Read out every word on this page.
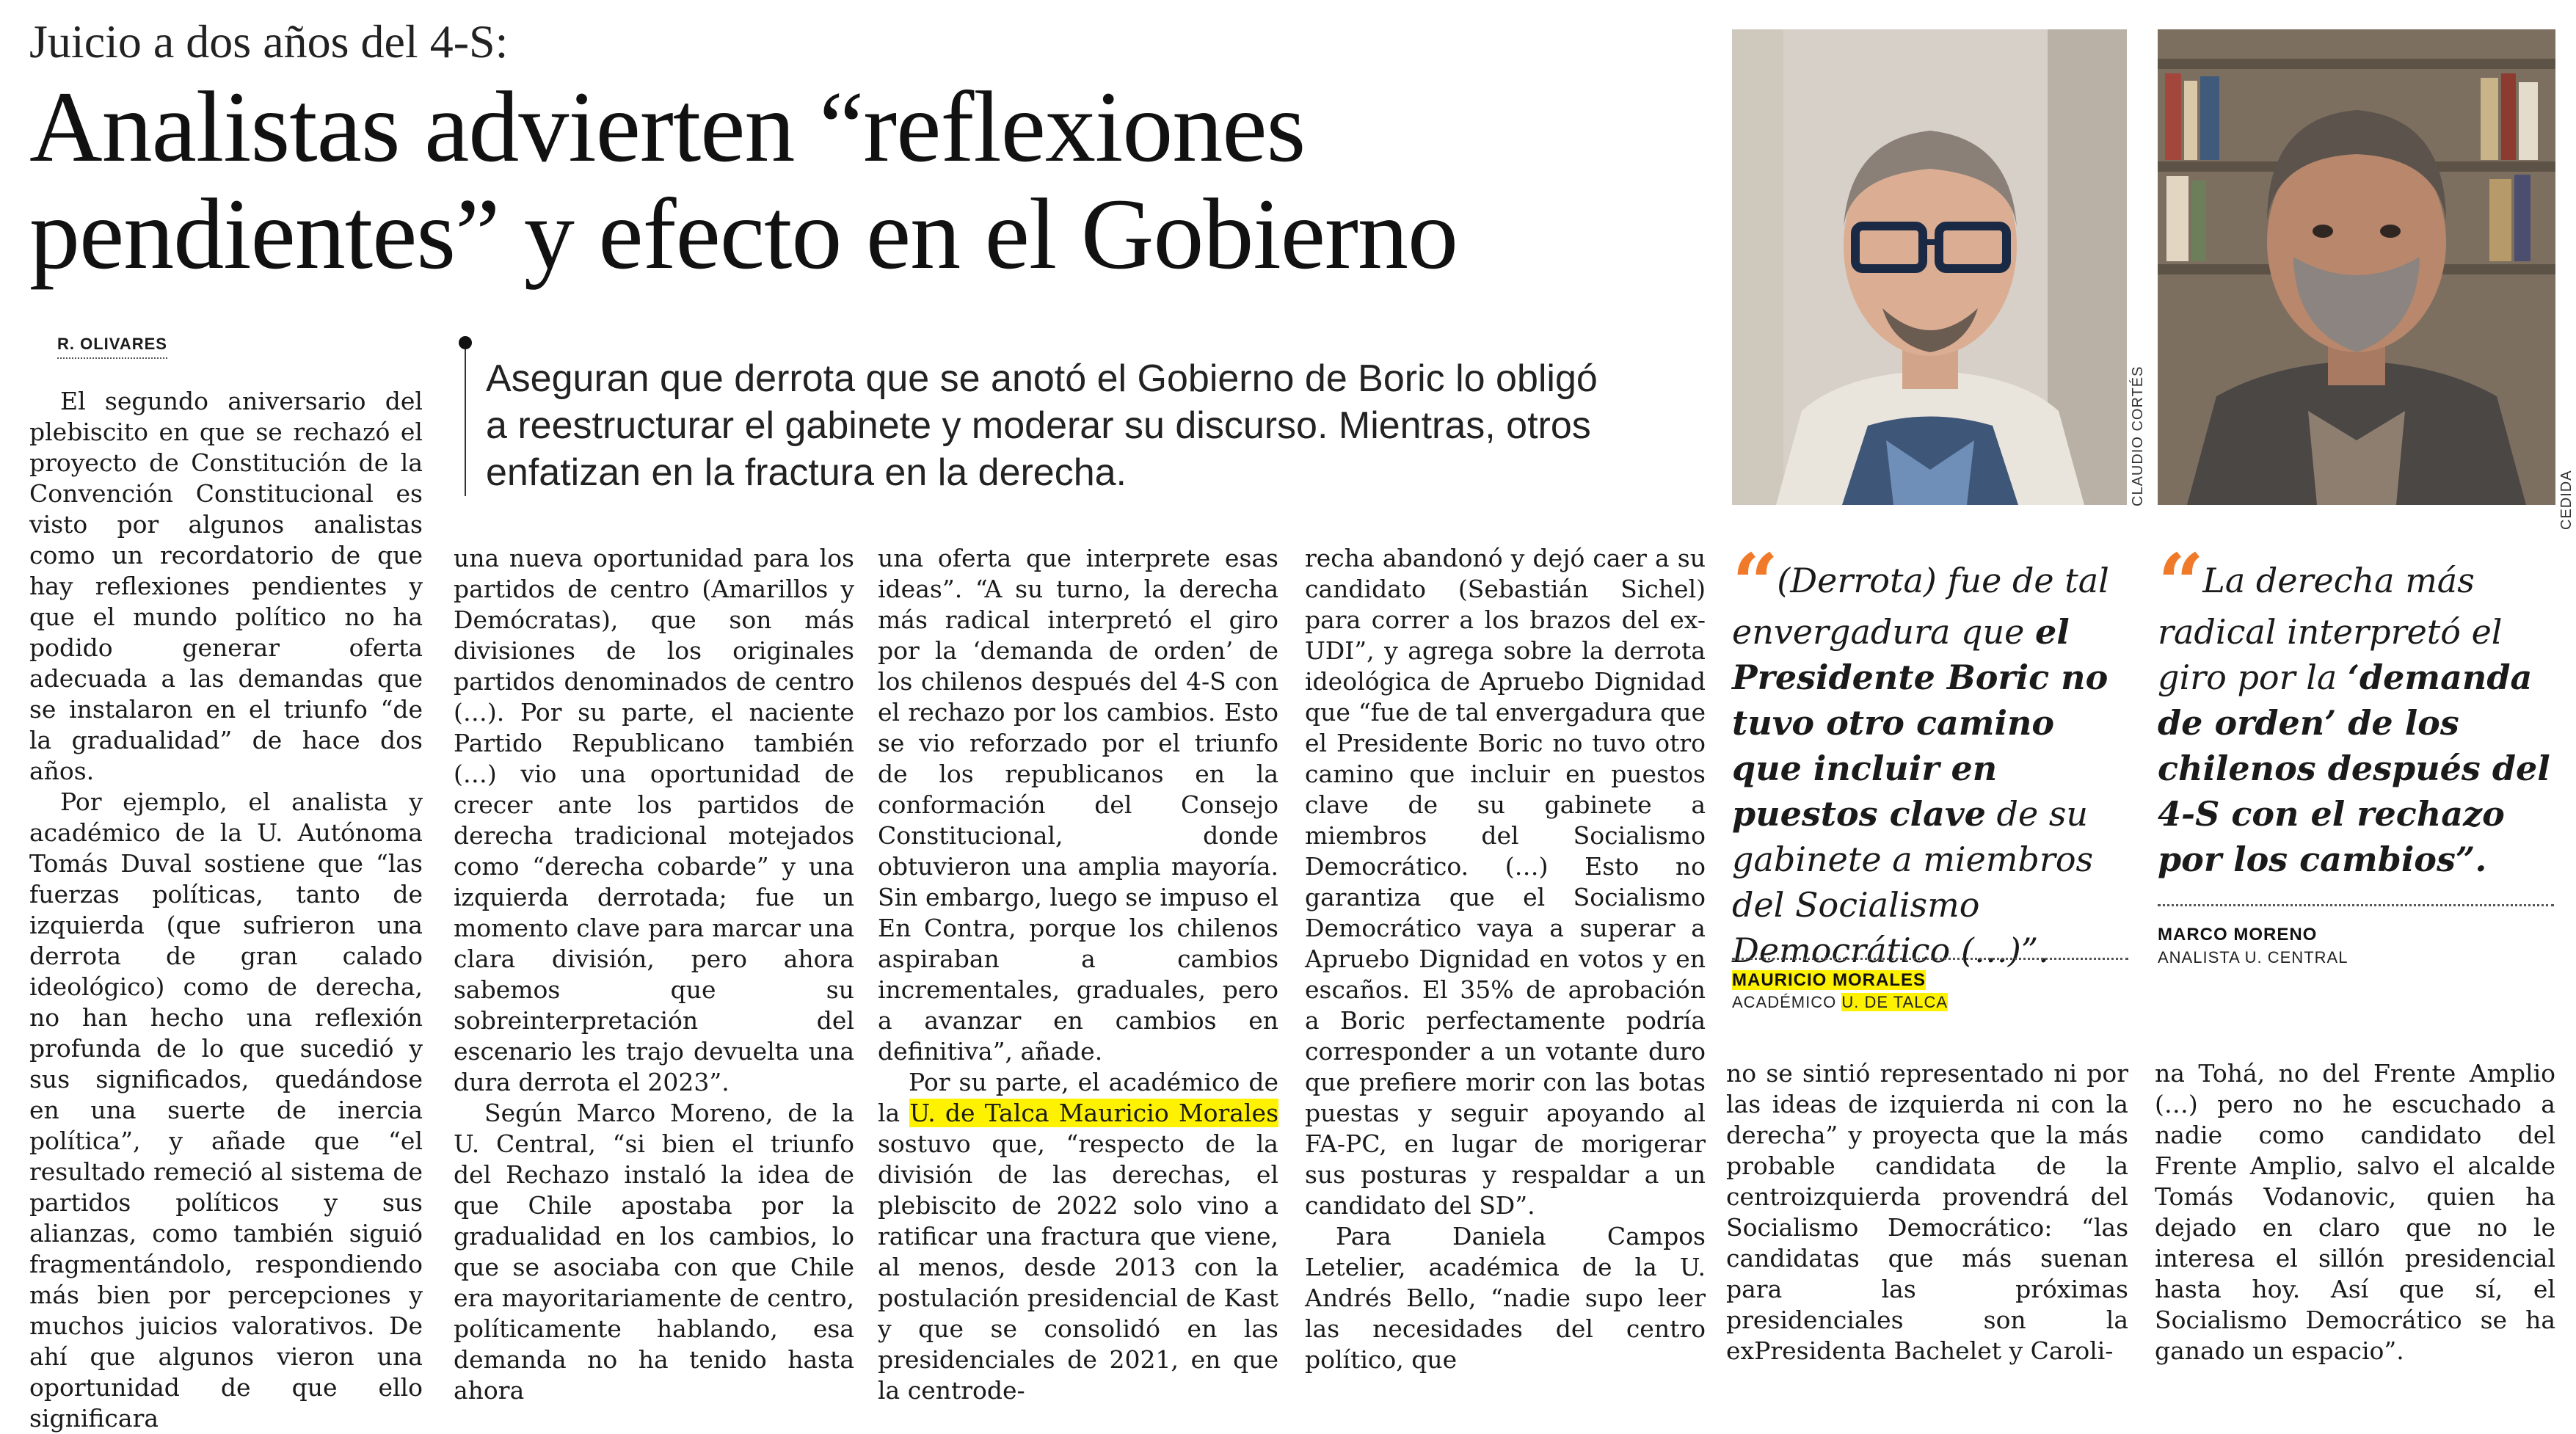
Juicio a dos años del 4-S:
Analistas advierten “reflexiones pendientes” y efecto en el Gobierno
R. OLIVARES
Aseguran que derrota que se anotó el Gobierno de Boric lo obligó a reestructurar el gabinete y moderar su discurso. Mientras, otros enfatizan en la fractura en la derecha.

El segundo aniversario del plebiscito en que se rechazó el proyecto de Constitución de la Convención Constitucional es visto por algunos analistas como un recordatorio de que hay reflexiones pendientes y que el mundo político no ha podido generar oferta adecuada a las demandas que se instalaron en el triunfo “de la gradualidad” de hace dos años.

Por ejemplo, el analista y académico de la U. Autónoma Tomás Duval sostiene que “las fuerzas políticas, tanto de izquierda (que sufrieron una derrota de gran calado ideológico) como de derecha, no han hecho una reflexión profunda de lo que sucedió y sus significados, quedándose en una suerte de inercia política”, y añade que “el resultado remeció al sistema de partidos políticos y sus alianzas, como también siguió fragmentándolo, respondiendo más bien por percepciones y muchos juicios valorativos. De ahí que algunos vieron una oportunidad de que ello significara

una nueva oportunidad para los partidos de centro (Amarillos y Demócratas), que son más divisiones de los originales partidos denominados de centro (…). Por su parte, el naciente Partido Republicano también (…) vio una oportunidad de crecer ante los partidos de derecha tradicional motejados como “derecha cobarde” y una izquierda derrotada; fue un momento clave para marcar una clara división, pero ahora sabemos que su sobreinterpretación del escenario les trajo devuelta una dura derrota el 2023”.

Según Marco Moreno, de la U. Central, “si bien el triunfo del Rechazo instaló la idea de que Chile apostaba por la gradualidad en los cambios, lo que se asociaba con que Chile era mayoritariamente de centro, políticamente hablando, esa demanda no ha tenido hasta ahora

una oferta que interprete esas ideas”. “A su turno, la derecha más radical interpretó el giro por la ‘demanda de orden’ de los chilenos después del 4-S con el rechazo por los cambios. Esto se vio reforzado por el triunfo de los republicanos en la conformación del Consejo Constitucional, donde obtuvieron una amplia mayoría. Sin embargo, luego se impuso el En Contra, porque los chilenos aspiraban a cambios incrementales, graduales, pero a avanzar en cambios en definitiva”, añade.

Por su parte, el académico de la U. de Talca Mauricio Morales sostuvo que, “respecto de la división de las derechas, el plebiscito de 2022 solo vino a ratificar una fractura que viene, al menos, desde 2013 con la postulación presidencial de Kast y que se consolidó en las presidenciales de 2021, en que la centrode-

recha abandonó y dejó caer a su candidato (Sebastián Sichel) para correr a los brazos del ex-UDI”, y agrega sobre la derrota ideológica de Apruebo Dignidad que “fue de tal envergadura que el Presidente Boric no tuvo otro camino que incluir en puestos clave de su gabinete a miembros del Socialismo Democrático. (…) Esto no garantiza que el Socialismo Democrático vaya a superar a Apruebo Dignidad en votos y en escaños. El 35% de aprobación a Boric perfectamente podría corresponder a un votante duro que prefiere morir con las botas puestas y seguir apoyando al FA-PC, en lugar de morigerar sus posturas y respaldar a un candidato del SD”.

Para Daniela Campos Letelier, académica de la U. Andrés Bello, “nadie supo leer las necesidades del centro político, que

no se sintió representado ni por las ideas de izquierda ni con la derecha” y proyecta que la más probable candidata de la centroizquierda provendrá del Socialismo Democrático: “las candidatas que más suenan para las próximas presidenciales son la exPresidenta Bachelet y Caroli-

na Tohá, no del Frente Amplio (…) pero no he escuchado a nadie como candidato del Frente Amplio, salvo el alcalde Tomás Vodanovic, quien ha dejado en claro que no le interesa el sillón presidencial hasta hoy. Así que sí, el Socialismo Democrático se ha ganado un espacio”.

CLAUDIO CORTÉS	CEDIDA
“ (Derrota) fue de tal envergadura que el Presidente Boric no tuvo otro camino que incluir en puestos clave de su gabinete a miembros del Socialismo Democrático (…)”.
MAURICIO MORALES
ACADÉMICO U. DE TALCA
“ La derecha más radical interpretó el giro por la ‘demanda de orden’ de los chilenos después del 4-S con el rechazo por los cambios”.
MARCO MORENO
ANALISTA U. CENTRAL
